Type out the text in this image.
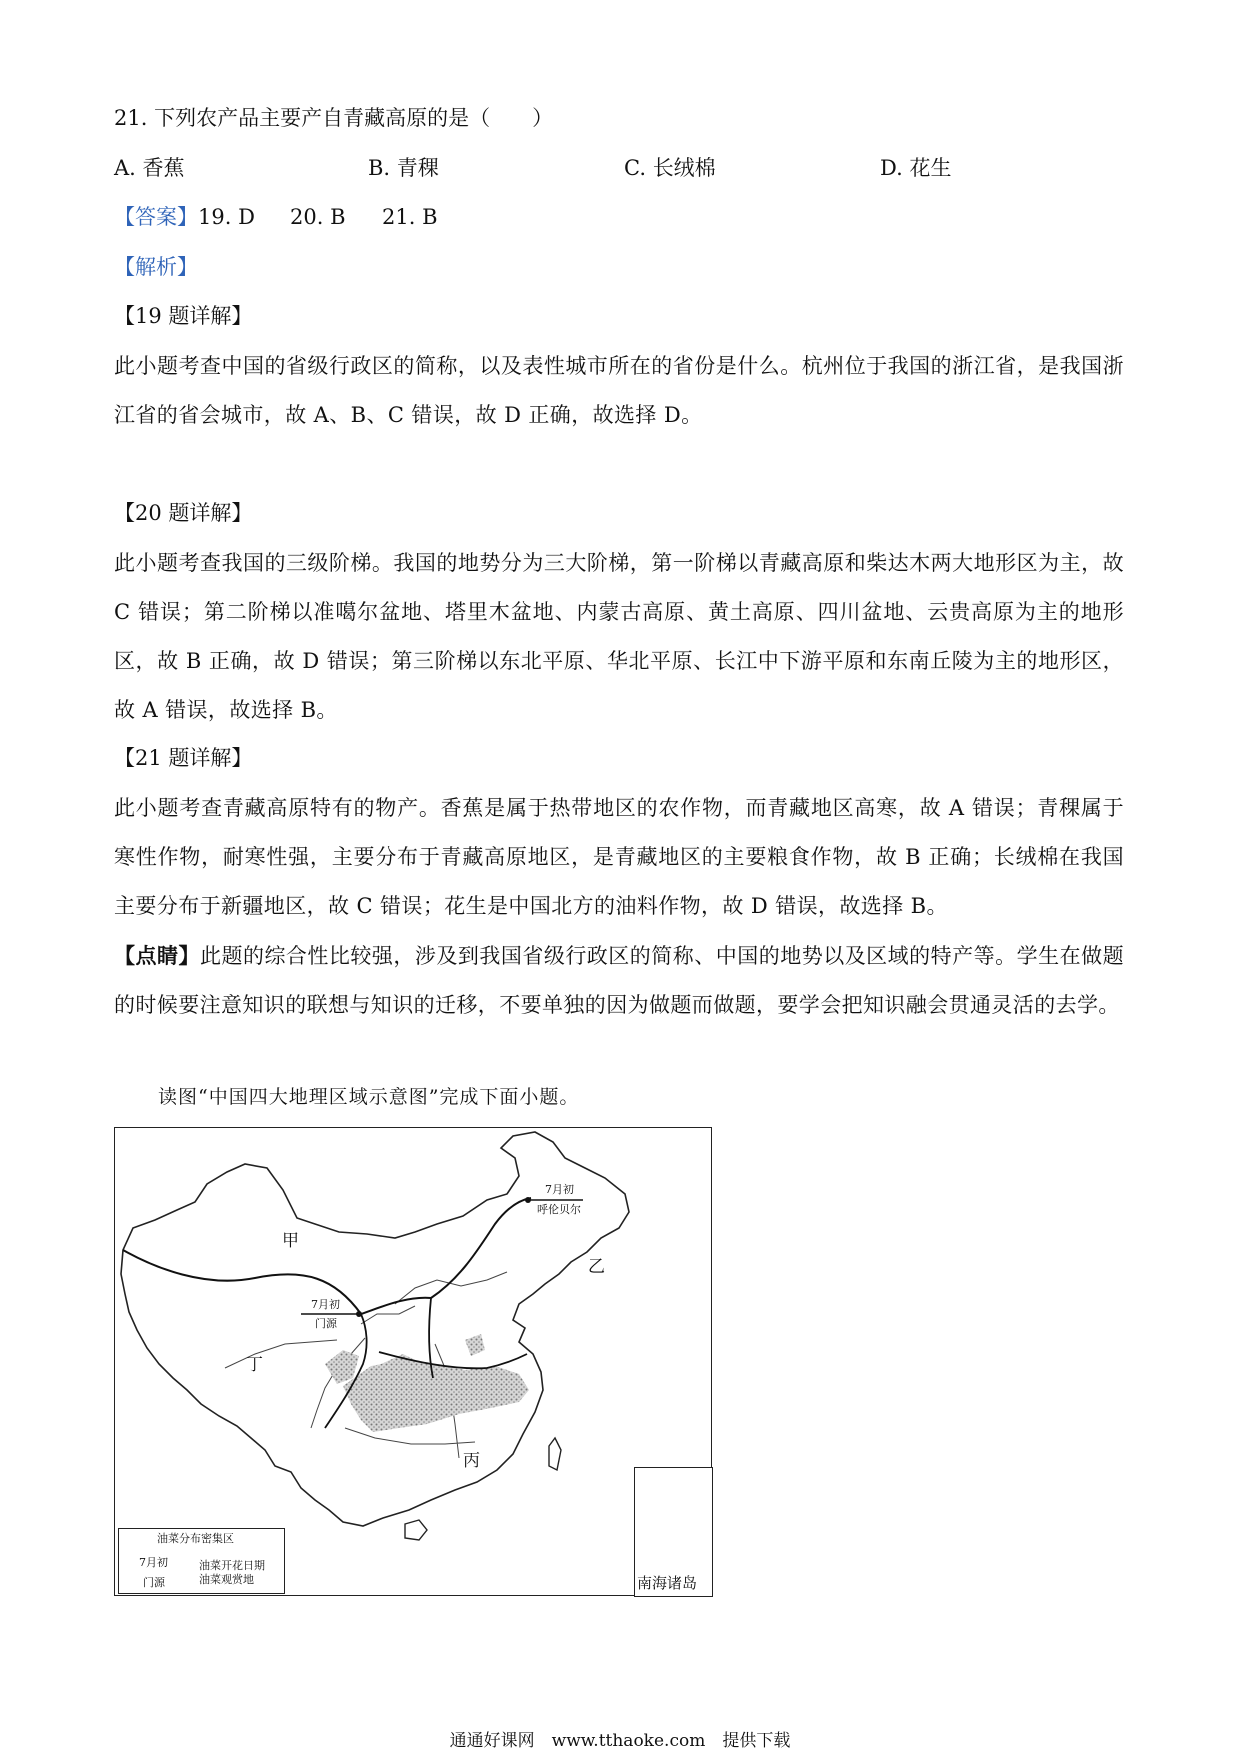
21. 下列农产品主要产自青藏高原的是（　　）
A. 香蕉	B. 青稞	C. 长绒棉	D. 花生
【答案】19. D 20. B 21. B
【解析】
【19 题详解】
此小题考查中国的省级行政区的简称，以及表性城市所在的省份是什么。杭州位于我国的浙江省，是我国浙江省的省会城市，故 A、B、C 错误，故 D 正确，故选择 D。
【20 题详解】
此小题考查我国的三级阶梯。我国的地势分为三大阶梯，第一阶梯以青藏高原和柴达木两大地形区为主，故 C 错误；第二阶梯以准噶尔盆地、塔里木盆地、内蒙古高原、黄土高原、四川盆地、云贵高原为主的地形区，故 B 正确，故 D 错误；第三阶梯以东北平原、华北平原、长江中下游平原和东南丘陵为主的地形区，故 A 错误，故选择 B。
【21 题详解】
此小题考查青藏高原特有的物产。香蕉是属于热带地区的农作物，而青藏地区高寒，故 A 错误；青稞属于寒性作物，耐寒性强，主要分布于青藏高原地区，是青藏地区的主要粮食作物，故 B 正确；长绒棉在我国主要分布于新疆地区，故 C 错误；花生是中国北方的油料作物，故 D 错误，故选择 B。
【点睛】此题的综合性比较强，涉及到我国省级行政区的简称、中国的地势以及区域的特产等。学生在做题的时候要注意知识的联想与知识的迁移，不要单独的因为做题而做题，要学会把知识融会贯通灵活的去学。
读图“中国四大地理区域示意图”完成下面小题。
甲
乙
丙
丁
7月初
呼伦贝尔
7月初
门源
油菜分布密集区
7月初
门源
油菜开花日期
油菜观赏地	南海诸岛
通通好课网　www.tthaoke.com　提供下载
